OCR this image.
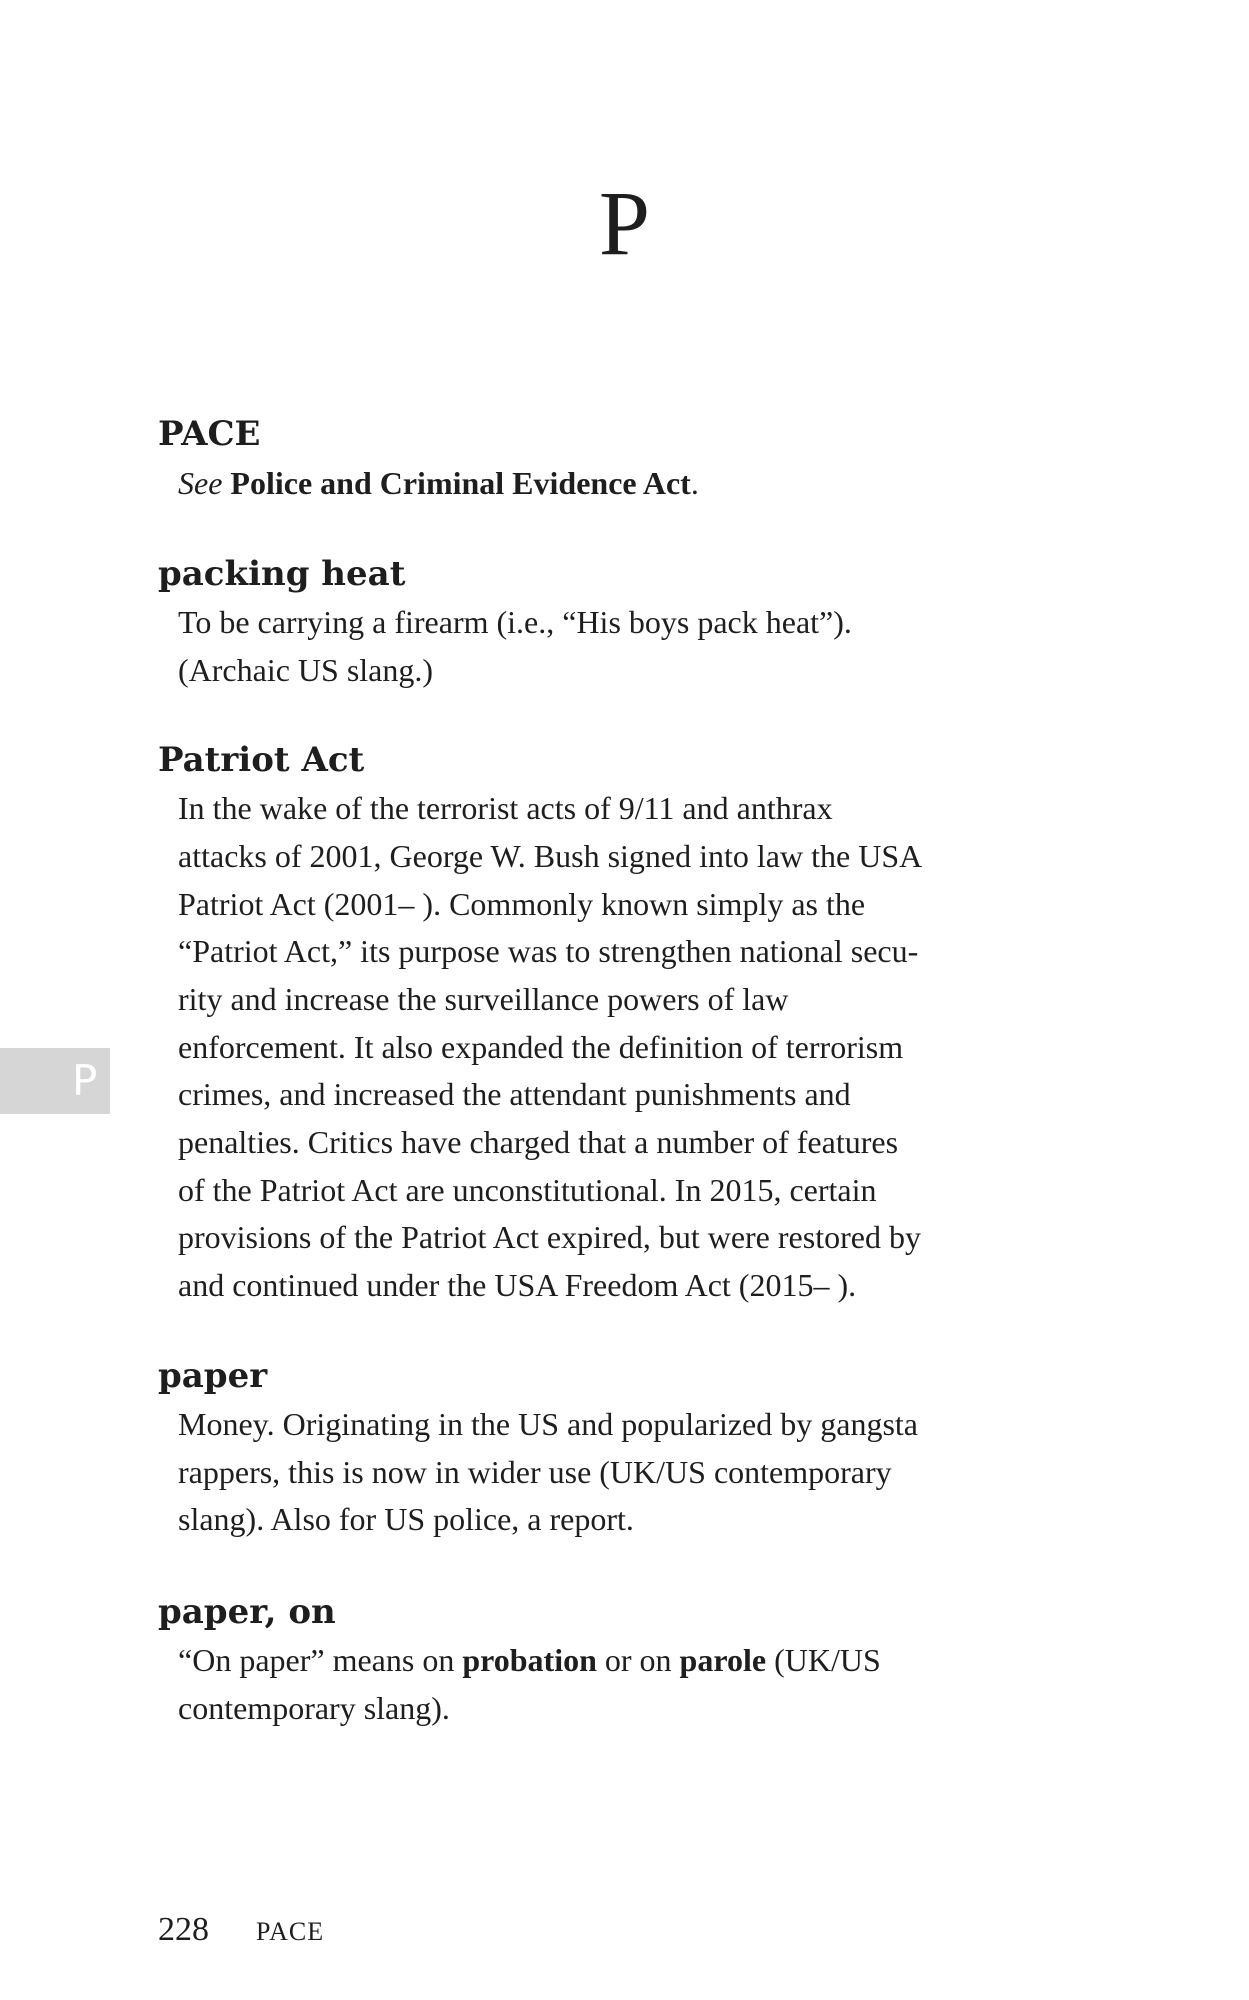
P
P
PACE
See Police and Criminal Evidence Act.
packing heat
To be carrying a firearm (i.e., “His boys pack heat”).
(Archaic US slang.)
Patriot Act
In the wake of the terrorist acts of 9/11 and anthrax
attacks of 2001, George W. Bush signed into law the USA
Patriot Act (2001– ). Commonly known simply as the
“Patriot Act,” its purpose was to strengthen national secu-
rity and increase the surveillance powers of law
enforcement. It also expanded the definition of terrorism
crimes, and increased the attendant punishments and
penalties. Critics have charged that a number of features
of the Patriot Act are unconstitutional. In 2015, certain
provisions of the Patriot Act expired, but were restored by
and continued under the USA Freedom Act (2015– ).
paper
Money. Originating in the US and popularized by gangsta
rappers, this is now in wider use (UK/US contemporary
slang). Also for US police, a report.
paper, on
“On paper” means on probation or on parole (UK/US
contemporary slang).
228 PACE
